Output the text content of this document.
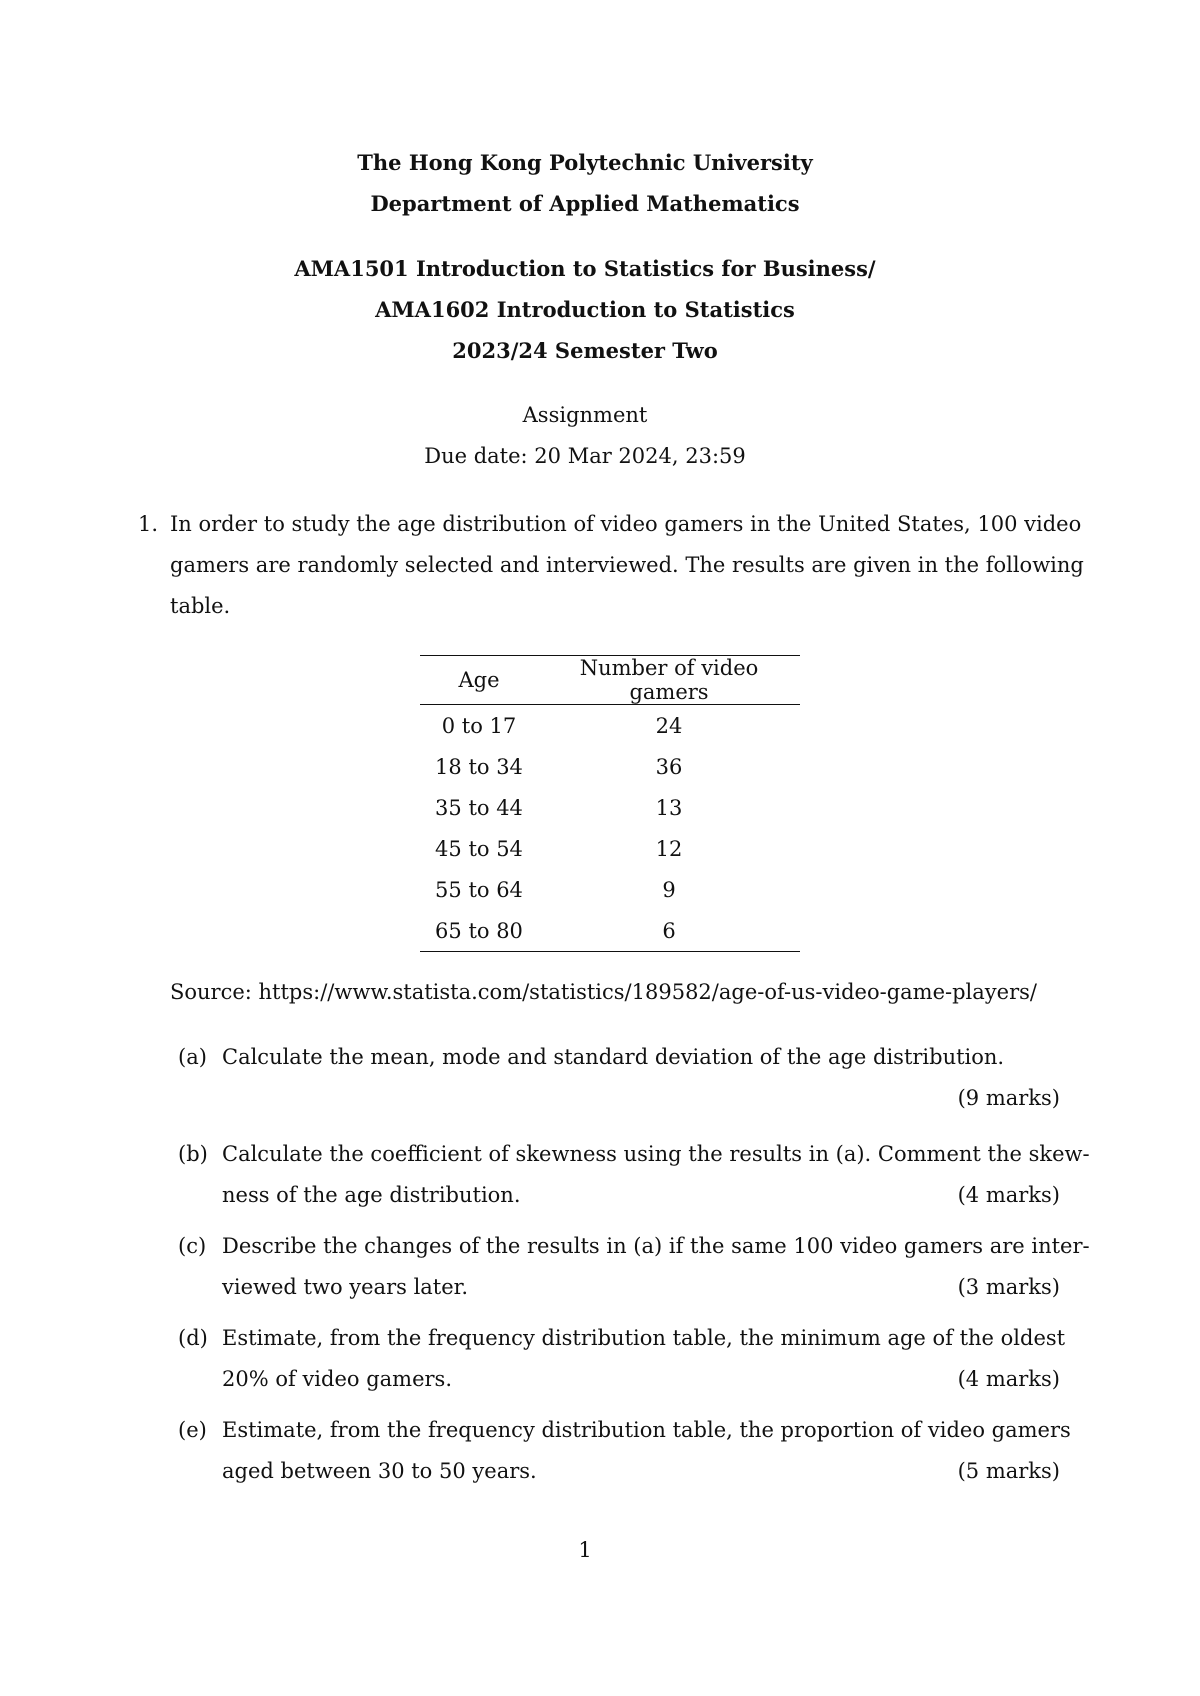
The Hong Kong Polytechnic University
Department of Applied Mathematics
AMA1501 Introduction to Statistics for Business/
AMA1602 Introduction to Statistics
2023/24 Semester Two
Assignment
Due date: 20 Mar 2024, 23:59
1. In order to study the age distribution of video gamers in the United States, 100 video
gamers are randomly selected and interviewed. The results are given in the following
table.
Age	Number of video gamers
0 to 17	24
18 to 34	36
35 to 44	13
45 to 54	12
55 to 64	9
65 to 80	6
Source: https://www.statista.com/statistics/189582/age-of-us-video-game-players/
(a) Calculate the mean, mode and standard deviation of the age distribution.
(9 marks)
(b) Calculate the coefficient of skewness using the results in (a). Comment the skew-
ness of the age distribution.	(4 marks)
(c) Describe the changes of the results in (a) if the same 100 video gamers are inter-
viewed two years later.	(3 marks)
(d) Estimate, from the frequency distribution table, the minimum age of the oldest
20% of video gamers.	(4 marks)
(e) Estimate, from the frequency distribution table, the proportion of video gamers
aged between 30 to 50 years.	(5 marks)
1
